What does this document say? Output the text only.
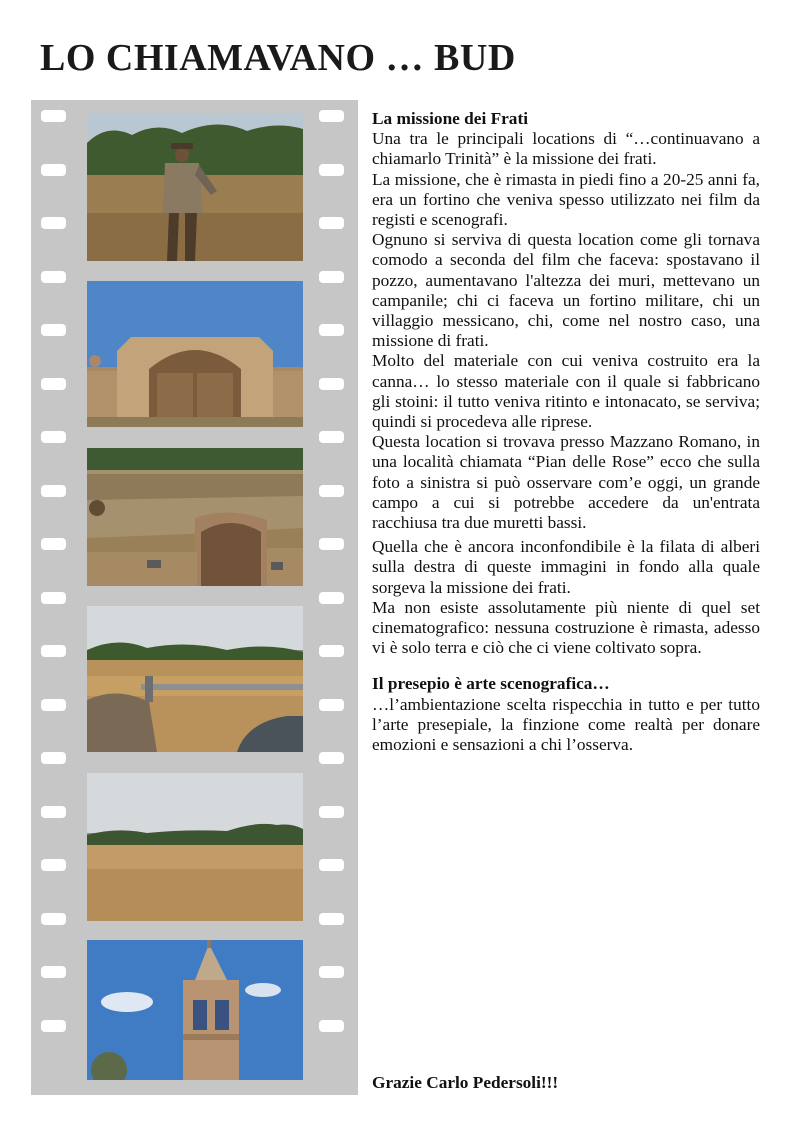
LO CHIAMAVANO … BUD
La missione dei Frati

Una tra le principali locations di “…continuavano a chiamarlo Trinità” è la missione dei frati.

La missione, che è rimasta in piedi fino a 20-25 anni fa, era un fortino che veniva spesso utilizzato nei film da registi e scenografi.

Ognuno si serviva di questa location come gli tornava comodo a seconda del film che faceva: spostavano il pozzo, aumentavano l'altezza dei muri, mettevano un campanile; chi ci faceva un fortino militare, chi un villaggio messicano, chi, come nel nostro caso, una missione di frati.

Molto del materiale con cui veniva costruito era la canna… lo stesso materiale con il quale si fabbricano gli stoini: il tutto veniva ritinto e intonacato, se serviva; quindi si procedeva alle riprese.

Questa location si trovava presso Mazzano Romano, in una località chiamata “Pian delle Rose” ecco che sulla foto a sinistra si può osservare com’e oggi, un grande campo a cui si potrebbe accedere da un'entrata racchiusa tra due muretti bassi.

Quella che è ancora inconfondibile è la filata di alberi sulla destra di queste immagini in fondo alla quale sorgeva la missione dei frati.

Ma non esiste assolutamente più niente di quel set cinematografico: nessuna costruzione è rimasta, adesso vi è solo terra e ciò che ci viene coltivato sopra.

Il presepio è arte scenografica…

…l’ambientazione scelta rispecchia in tutto e per tutto l’arte presepiale, la finzione come realtà per donare emozioni e sensazioni a chi l’osserva.

Grazie Carlo Pedersoli!!!
